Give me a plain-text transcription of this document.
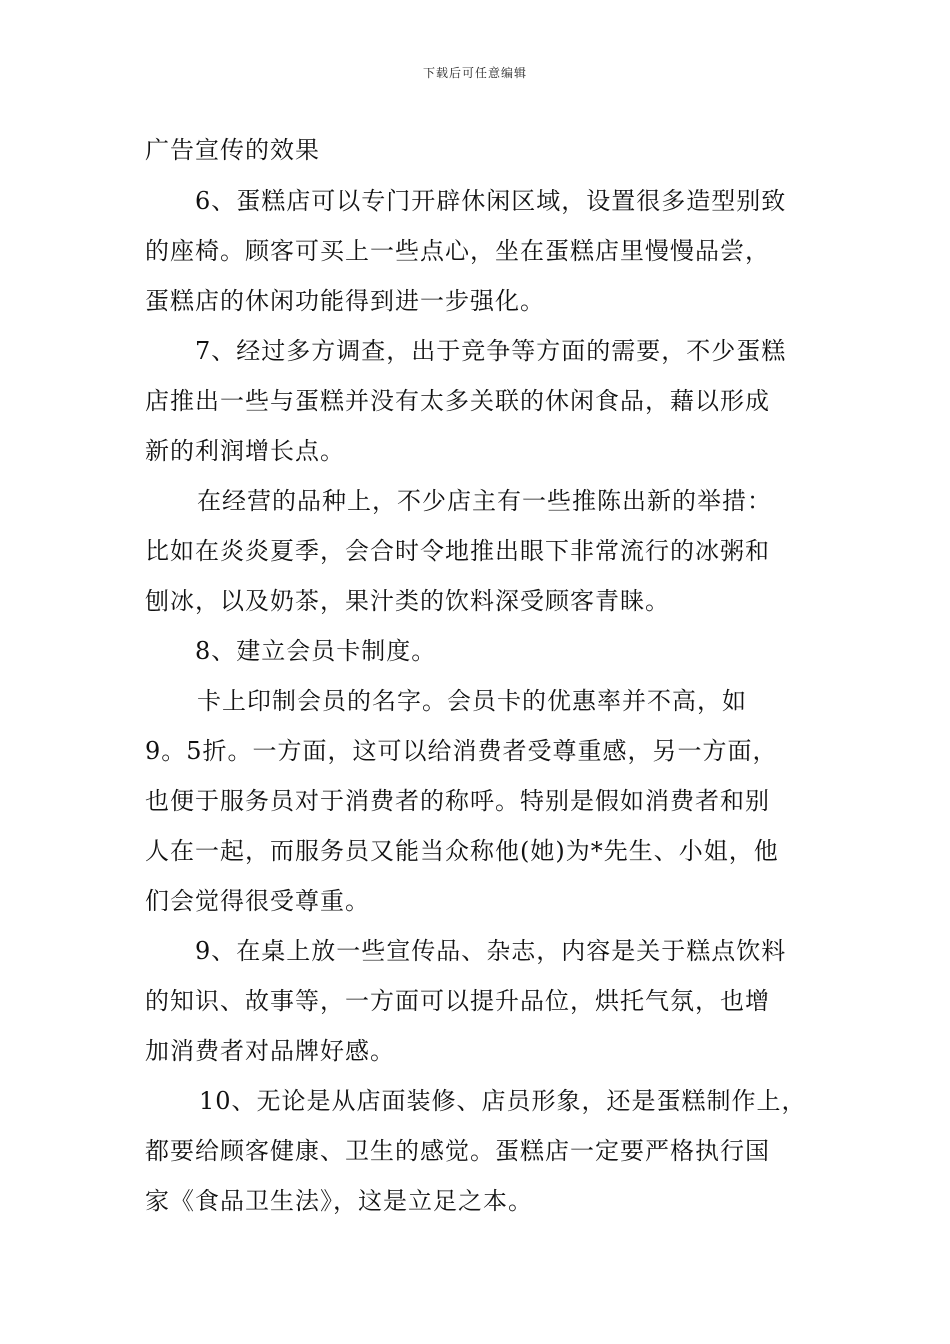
下载后可任意编辑
广告宣传的效果
6、蛋糕店可以专门开辟休闲区域，设置很多造型别致
的座椅。顾客可买上一些点心，坐在蛋糕店里慢慢品尝，
蛋糕店的休闲功能得到进一步强化。
7、经过多方调查，出于竞争等方面的需要，不少蛋糕
店推出一些与蛋糕并没有太多关联的休闲食品，藉以形成
新的利润增长点。
在经营的品种上，不少店主有一些推陈出新的举措：
比如在炎炎夏季，会合时令地推出眼下非常流行的冰粥和
刨冰，以及奶茶，果汁类的饮料深受顾客青睐。
8、建立会员卡制度。
卡上印制会员的名字。会员卡的优惠率并不高，如
9。5折。一方面，这可以给消费者受尊重感，另一方面，
也便于服务员对于消费者的称呼。特别是假如消费者和别
人在一起，而服务员又能当众称他(她)为*先生、小姐，他
们会觉得很受尊重。
9、在桌上放一些宣传品、杂志，内容是关于糕点饮料
的知识、故事等，一方面可以提升品位，烘托气氛，也增
加消费者对品牌好感。
10、无论是从店面装修、店员形象，还是蛋糕制作上，
都要给顾客健康、卫生的感觉。蛋糕店一定要严格执行国
家《食品卫生法》，这是立足之本。
